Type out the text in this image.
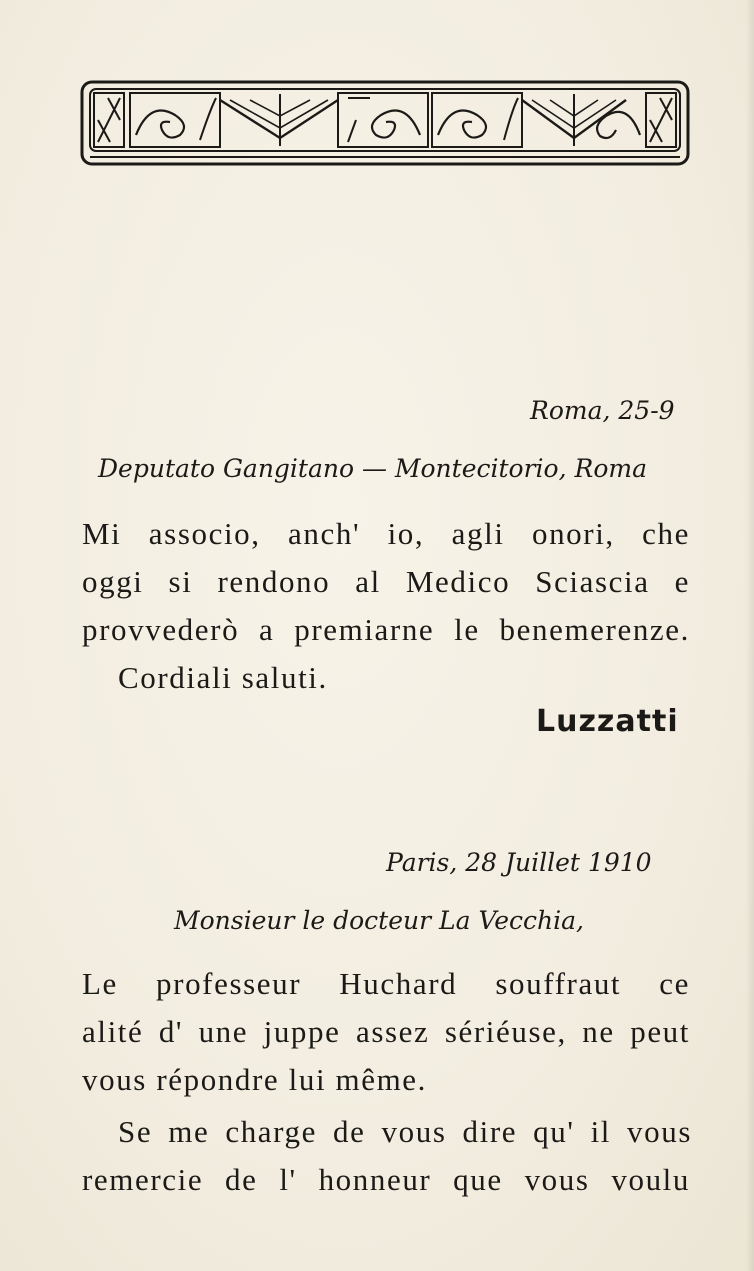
Roma, 25-9

Deputato Gangitano — Montecitorio, Roma

Mi associo, anch' io, agli onori, che

oggi si rendono al Medico Sciascia e

provvederò a premiarne le benemerenze.

Cordiali saluti.

Luzzatti

Paris, 28 Juillet 1910

Monsieur le docteur La Vecchia,

Le professeur Huchard souffraut ce

alité d' une juppe assez sériéuse, ne peut

vous répondre lui même.

Se me charge de vous dire qu' il vous

remercie de l' honneur que vous voulu
